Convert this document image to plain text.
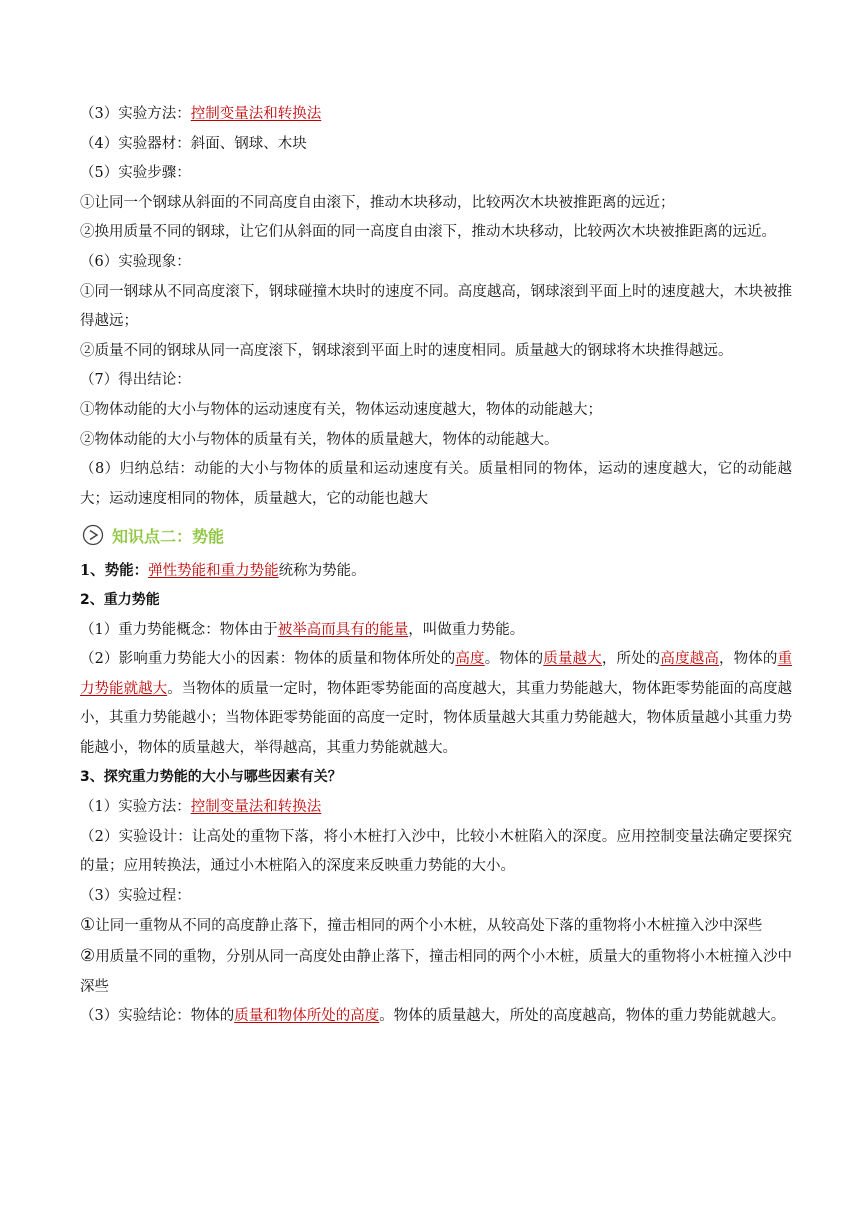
（3）实验方法：控制变量法和转换法
（4）实验器材：斜面、钢球、木块
（5）实验步骤：
①让同一个钢球从斜面的不同高度自由滚下，推动木块移动，比较两次木块被推距离的远近；
②换用质量不同的钢球，让它们从斜面的同一高度自由滚下，推动木块移动，比较两次木块被推距离的远近。
（6）实验现象：
①同一钢球从不同高度滚下，钢球碰撞木块时的速度不同。高度越高，钢球滚到平面上时的速度越大，木块被推得越远；
②质量不同的钢球从同一高度滚下，钢球滚到平面上时的速度相同。质量越大的钢球将木块推得越远。
（7）得出结论：
①物体动能的大小与物体的运动速度有关，物体运动速度越大，物体的动能越大；
②物体动能的大小与物体的质量有关，物体的质量越大，物体的动能越大。
（8）归纳总结：动能的大小与物体的质量和运动速度有关。质量相同的物体，运动的速度越大，它的动能越大；运动速度相同的物体，质量越大，它的动能也越大
知识点二：势能
1、势能：弹性势能和重力势能统称为势能。
2、重力势能
（1）重力势能概念：物体由于被举高而具有的能量，叫做重力势能。
（2）影响重力势能大小的因素：物体的质量和物体所处的高度。物体的质量越大，所处的高度越高，物体的重力势能就越大。当物体的质量一定时，物体距零势能面的高度越大，其重力势能越大，物体距零势能面的高度越小，其重力势能越小；当物体距零势能面的高度一定时，物体质量越大其重力势能越大，物体质量越小其重力势能越小，物体的质量越大，举得越高，其重力势能就越大。
3、探究重力势能的大小与哪些因素有关？
（1）实验方法：控制变量法和转换法
（2）实验设计：让高处的重物下落，将小木桩打入沙中，比较小木桩陷入的深度。应用控制变量法确定要探究的量；应用转换法，通过小木桩陷入的深度来反映重力势能的大小。
（3）实验过程：
①让同一重物从不同的高度静止落下，撞击相同的两个小木桩，从较高处下落的重物将小木桩撞入沙中深些
②用质量不同的重物，分别从同一高度处由静止落下，撞击相同的两个小木桩，质量大的重物将小木桩撞入沙中深些
（3）实验结论：物体的质量和物体所处的高度。物体的质量越大，所处的高度越高，物体的重力势能就越大。
